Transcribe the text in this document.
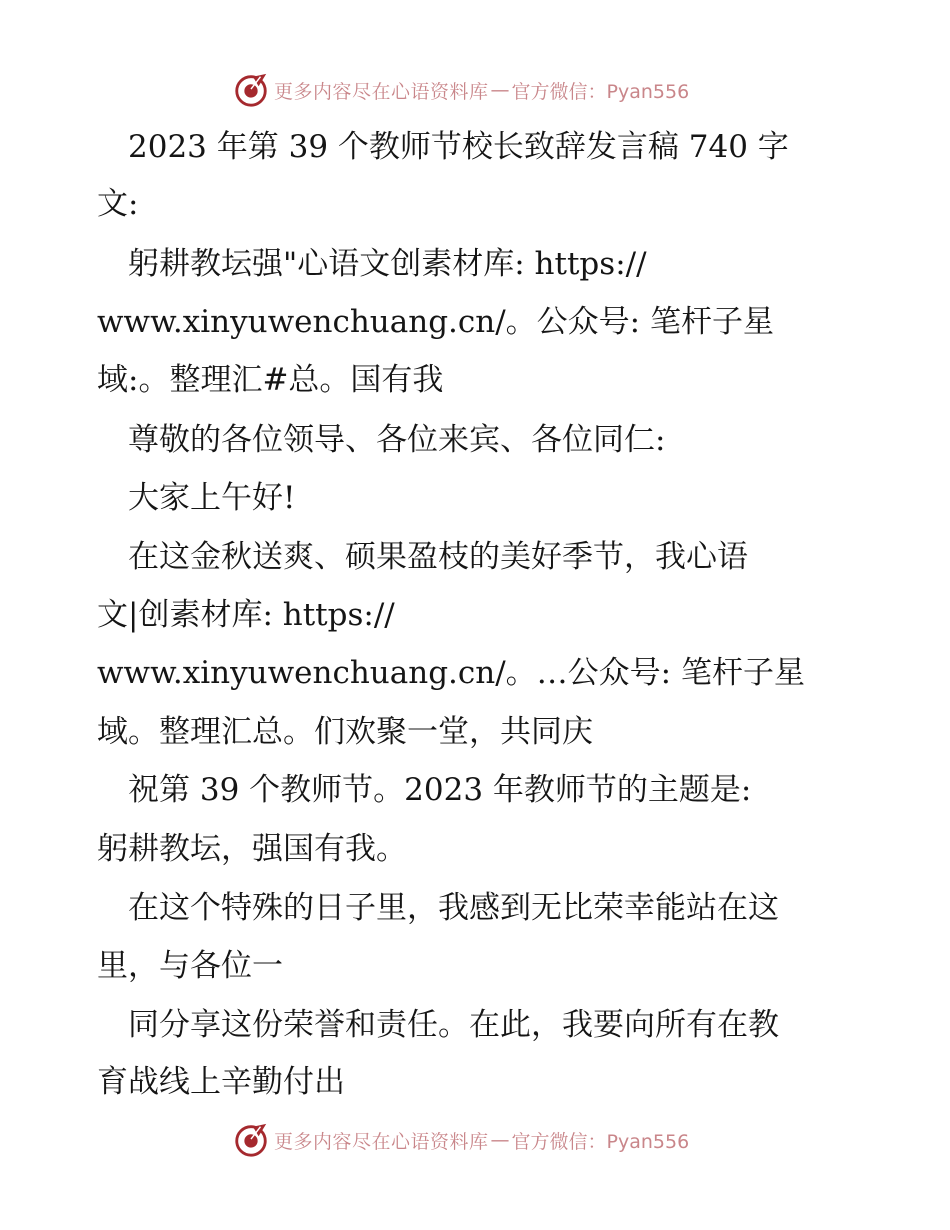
更多内容尽在心语资料库 — 官方微信：Pyan556
　2023 年第 39 个教师节校长致辞发言稿 740 字
文:
　躬耕教坛强"心语文创素材库: https://
www.xinyuwenchuang.cn/。公众号: 笔杆子星
域:。整理汇#总。国有我
　尊敬的各位领导、各位来宾、各位同仁:
　大家上午好!
　在这金秋送爽、硕果盈枝的美好季节，我心语
文|创素材库: https://
www.xinyuwenchuang.cn/。…公众号: 笔杆子星
域。整理汇总。们欢聚一堂，共同庆
　祝第 39 个教师节。2023 年教师节的主题是:
躬耕教坛，强国有我。
　在这个特殊的日子里，我感到无比荣幸能站在这
里，与各位一
　同分享这份荣誉和责任。在此，我要向所有在教
育战线上辛勤付出
更多内容尽在心语资料库 — 官方微信：Pyan556
